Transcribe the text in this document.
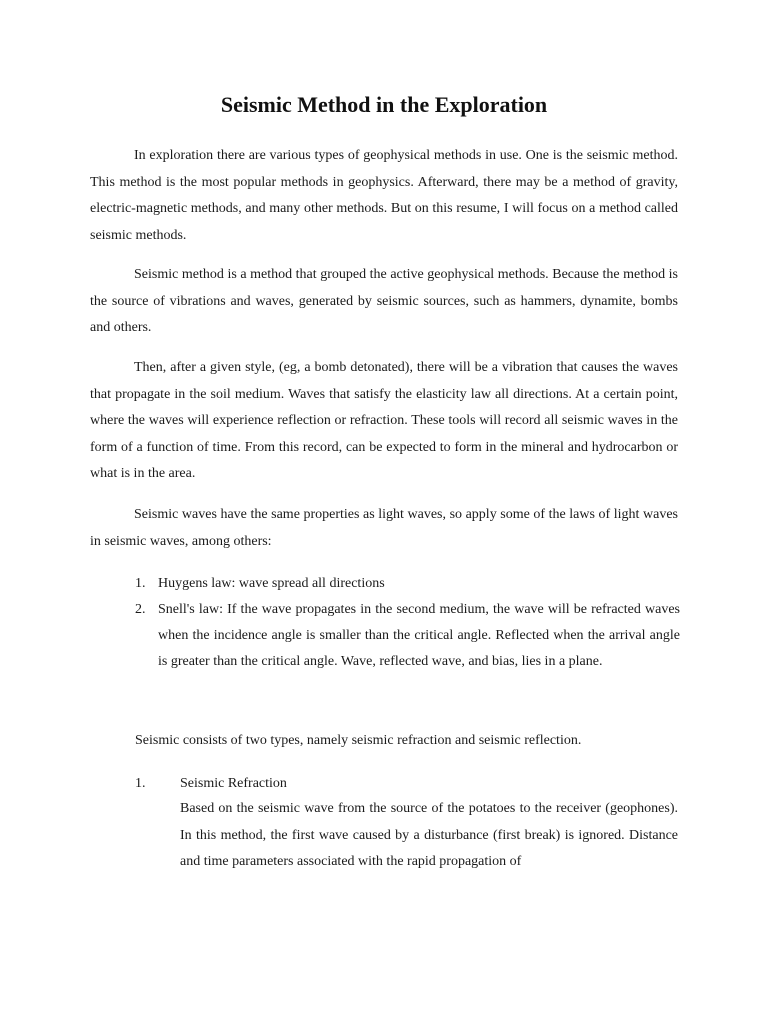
Seismic Method in the Exploration

In exploration there are various types of geophysical methods in use. One is the seismic method. This method is the most popular methods in geophysics. Afterward, there may be a method of gravity, electric-magnetic methods, and many other methods. But on this resume, I will focus on a method called seismic methods.

Seismic method is a method that grouped the active geophysical methods. Because the method is the source of vibrations and waves, generated by seismic sources, such as hammers, dynamite, bombs and others.

Then, after a given style, (eg, a bomb detonated), there will be a vibration that causes the waves that propagate in the soil medium. Waves that satisfy the elasticity law all directions. At a certain point, where the waves will experience reflection or refraction. These tools will record all seismic waves in the form of a function of time. From this record, can be expected to form in the mineral and hydrocarbon or what is in the area.

Seismic waves have the same properties as light waves, so apply some of the laws of light waves in seismic waves, among others:

1. Huygens law: wave spread all directions
2. Snell's law: If the wave propagates in the second medium, the wave will be refracted waves when the incidence angle is smaller than the critical angle. Reflected when the arrival angle is greater than the critical angle. Wave, reflected wave, and bias, lies in a plane.

Seismic consists of two types, namely seismic refraction and seismic reflection.

1. Seismic Refraction

Based on the seismic wave from the source of the potatoes to the receiver (geophones). In this method, the first wave caused by a disturbance (first break) is ignored. Distance and time parameters associated with the rapid propagation of
